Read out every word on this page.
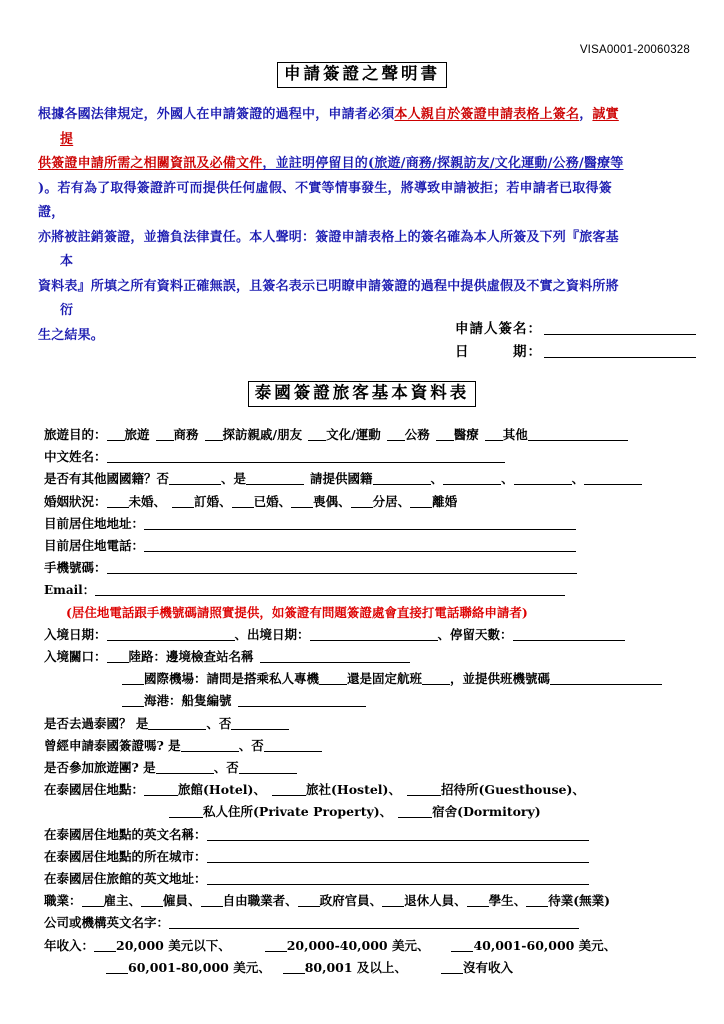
VISA0001-20060328
申請簽證之聲明書
根據各國法律規定，外國人在申請簽證的過程中，申請者必須本人親自於簽證申請表格上簽名，誠實
提
供簽證申請所需之相關資訊及必備文件，並註明停留目的(旅遊/商務/探親訪友/文化運動/公務/醫療等
)。若有為了取得簽證許可而提供任何虛假、不實等情事發生，將導致申請被拒；若申請者已取得簽
證，
亦將被註銷簽證，並擔負法律責任。本人聲明：簽證申請表格上的簽名確為本人所簽及下列『旅客基
本
資料表』所填之所有資料正確無誤，且簽名表示已明瞭申請簽證的過程中提供虛假及不實之資料所將
衍
生之結果。	申請人簽名：
日　　　期：
泰國簽證旅客基本資料表
旅遊目的： 旅遊 商務 探訪親戚/朋友 文化/運動 公務 醫療 其他
中文姓名：
是否有其他國國籍？否	、是	請提供國籍	、	、	、
婚姻狀況： 未婚、 訂婚、 已婚、 喪偶、 分居、 離婚
目前居住地地址：
目前居住地電話：
手機號碼：
Email：
(居住地電話跟手機號碼請照實提供，如簽證有問題簽證處會直接打電話聯絡申請者)
入境日期：	、出境日期：	、停留天數：
入境關口： 陸路：邊境檢查站名稱
國際機場：請問是搭乘私人專機 還是固定航班 ，並提供班機號碼
海港：船隻編號
是否去過泰國？ 是	、否
曾經申請泰國簽證嗎? 是	、否
是否參加旅遊團? 是	、否
在泰國居住地點：	旅館(Hotel)、	旅社(Hostel)、	招待所(Guesthouse)、
私人住所(Private Property)、	宿舍(Dormitory)
在泰國居住地點的英文名稱：
在泰國居住地點的所在城市：
在泰國居住旅館的英文地址：
職業： 雇主、 僱員、 自由職業者、 政府官員、 退休人員、 學生、 待業(無業)
公司或機構英文名字：
年收入： 20,000 美元以下、	20,000-40,000 美元、	40,001-60,000 美元、
60,001-80,000 美元、	80,001 及以上、	沒有收入
